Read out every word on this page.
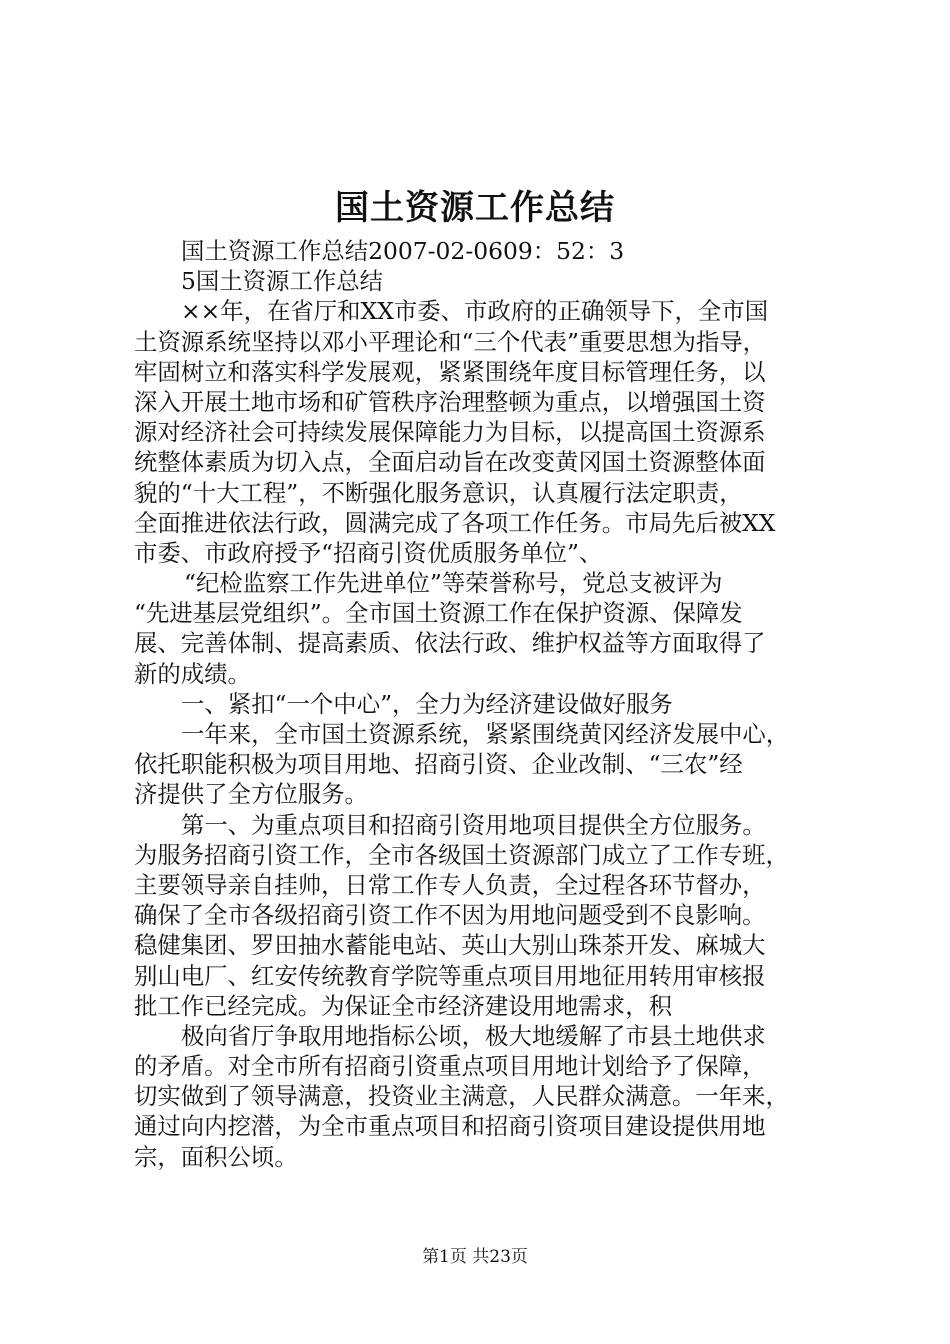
国土资源工作总结
国土资源工作总结2007-02-0609：52：3
5国土资源工作总结
××年，在省厅和XX市委、市政府的正确领导下，全市国
土资源系统坚持以邓小平理论和“三个代表”重要思想为指导，
牢固树立和落实科学发展观，紧紧围绕年度目标管理任务，以
深入开展土地市场和矿管秩序治理整顿为重点，以增强国土资
源对经济社会可持续发展保障能力为目标，以提高国土资源系
统整体素质为切入点，全面启动旨在改变黄冈国土资源整体面
貌的“十大工程”，不断强化服务意识，认真履行法定职责，
全面推进依法行政，圆满完成了各项工作任务。市局先后被XX
市委、市政府授予“招商引资优质服务单位”、
“纪检监察工作先进单位”等荣誉称号，党总支被评为
“先进基层党组织”。全市国土资源工作在保护资源、保障发
展、完善体制、提高素质、依法行政、维护权益等方面取得了
新的成绩。
一、紧扣“一个中心”，全力为经济建设做好服务
一年来，全市国土资源系统，紧紧围绕黄冈经济发展中心，
依托职能积极为项目用地、招商引资、企业改制、“三农”经
济提供了全方位服务。
第一、为重点项目和招商引资用地项目提供全方位服务。
为服务招商引资工作，全市各级国土资源部门成立了工作专班，
主要领导亲自挂帅，日常工作专人负责，全过程各环节督办，
确保了全市各级招商引资工作不因为用地问题受到不良影响。
稳健集团、罗田抽水蓄能电站、英山大别山珠茶开发、麻城大
别山电厂、红安传统教育学院等重点项目用地征用转用审核报
批工作已经完成。为保证全市经济建设用地需求，积
极向省厅争取用地指标公顷，极大地缓解了市县土地供求
的矛盾。对全市所有招商引资重点项目用地计划给予了保障，
切实做到了领导满意，投资业主满意，人民群众满意。一年来，
通过向内挖潜，为全市重点项目和招商引资项目建设提供用地
宗，面积公顷。
第1页 共23页
